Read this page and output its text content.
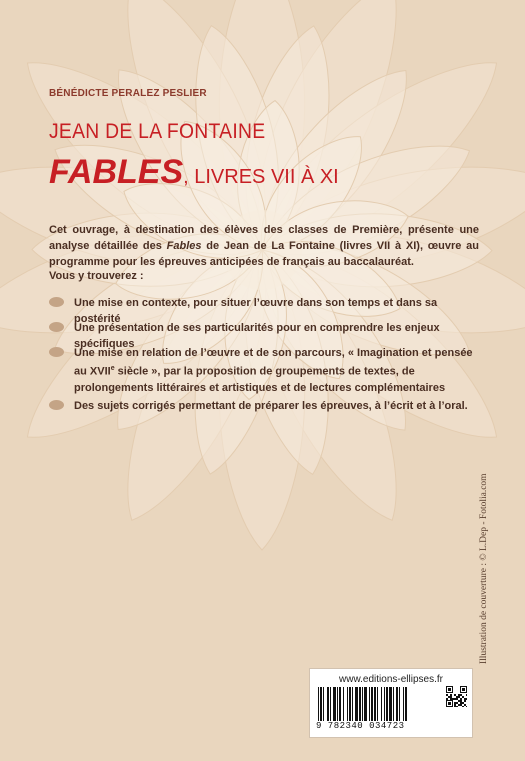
BÉNÉDICTE PERALEZ PESLIER
JEAN DE LA FONTAINE
FABLES, LIVRES VII À XI
Cet ouvrage, à destination des élèves des classes de Première, présente une analyse détaillée des Fables de Jean de La Fontaine (livres VII à XI), œuvre au programme pour les épreuves anticipées de français au baccalauréat.
Vous y trouverez :
Une mise en contexte, pour situer l’œuvre dans son temps et dans sa postérité
Une présentation de ses particularités pour en comprendre les enjeux spécifiques
Une mise en relation de l’œuvre et de son parcours, « Imagination et pensée au XVIIe siècle », par la proposition de groupements de textes, de prolongements littéraires et artistiques et de lectures complémentaires
Des sujets corrigés permettant de préparer les épreuves, à l’écrit et à l’oral.
Illustration de couverture : © L.Dep - Fotolia.com
www.editions-ellipses.fr
9 782340 034723
